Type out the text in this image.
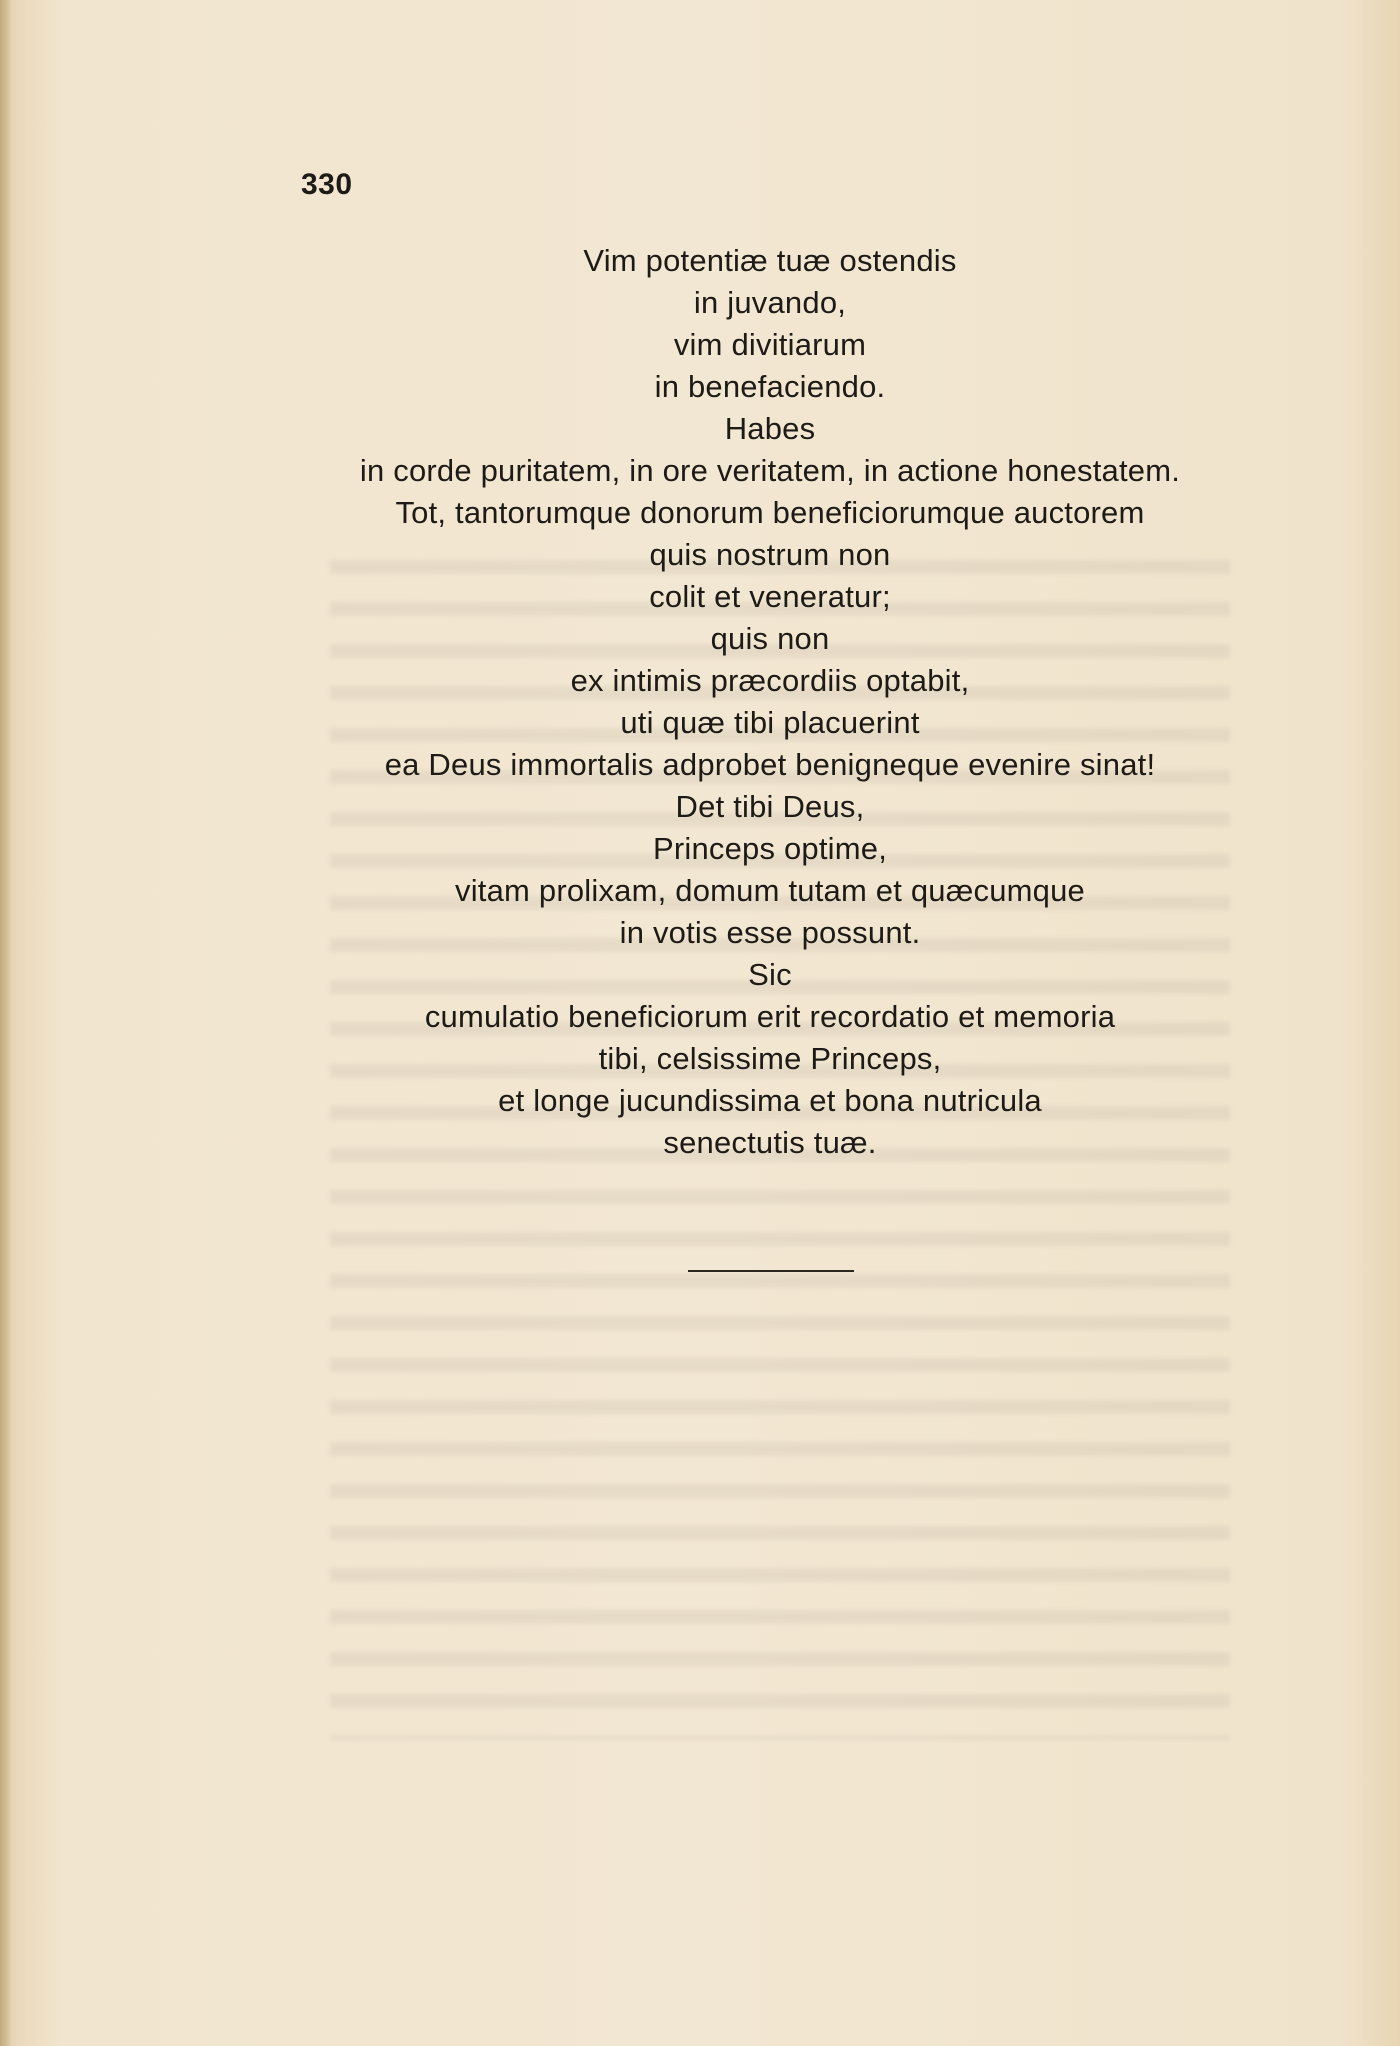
330

Vim potentiæ tuæ ostendis
in juvando,
vim divitiarum
in benefaciendo.
Habes
in corde puritatem, in ore veritatem, in actione honestatem.
Tot, tantorumque donorum beneficiorumque auctorem
quis nostrum non
colit et veneratur;
quis non
ex intimis præcordiis optabit,
uti quæ tibi placuerint
ea Deus immortalis adprobet benigneque evenire sinat!
Det tibi Deus,
Princeps optime,
vitam prolixam, domum tutam et quæcumque
in votis esse possunt.
Sic
cumulatio beneficiorum erit recordatio et memoria
tibi, celsissime Princeps,
et longe jucundissima et bona nutricula
senectutis tuæ.
